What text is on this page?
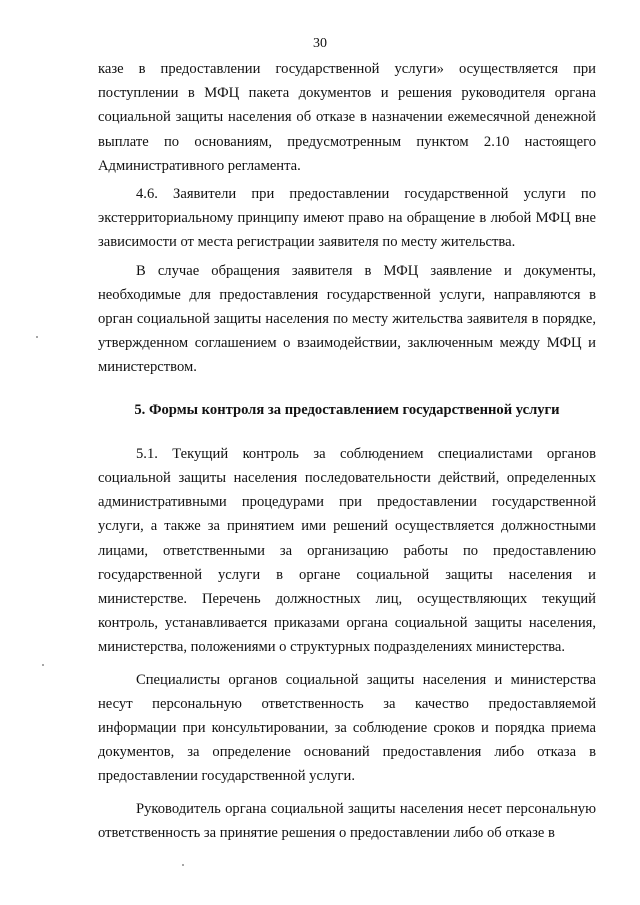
30

казе в предоставлении государственной услуги» осуществляется при поступлении в МФЦ пакета документов и решения руководителя органа социальной защиты населения об отказе в назначении ежемесячной денежной выплате по основаниям, предусмотренным пунктом 2.10 настоящего Административного регламента.

4.6. Заявители при предоставлении государственной услуги по экстерриториальному принципу имеют право на обращение в любой МФЦ вне зависимости от места регистрации заявителя по месту жительства.

В случае обращения заявителя в МФЦ заявление и документы, необходимые для предоставления государственной услуги, направляются в орган социальной защиты населения по месту жительства заявителя в порядке, утвержденном соглашением о взаимодействии, заключенным между МФЦ и министерством.

5. Формы контроля за предоставлением государственной услуги

5.1. Текущий контроль за соблюдением специалистами органов социальной защиты населения последовательности действий, определенных административными процедурами при предоставлении государственной услуги, а также за принятием ими решений осуществляется должностными лицами, ответственными за организацию работы по предоставлению государственной услуги в органе социальной защиты населения и министерстве. Перечень должностных лиц, осуществляющих текущий контроль, устанавливается приказами органа социальной защиты населения, министерства, положениями о структурных подразделениях министерства.

Специалисты органов социальной защиты населения и министерства несут персональную ответственность за качество предоставляемой информации при консультировании, за соблюдение сроков и порядка приема документов, за определение оснований предоставления либо отказа в предоставлении государственной услуги.

Руководитель органа социальной защиты населения несет персональную ответственность за принятие решения о предоставлении либо об отказе в
